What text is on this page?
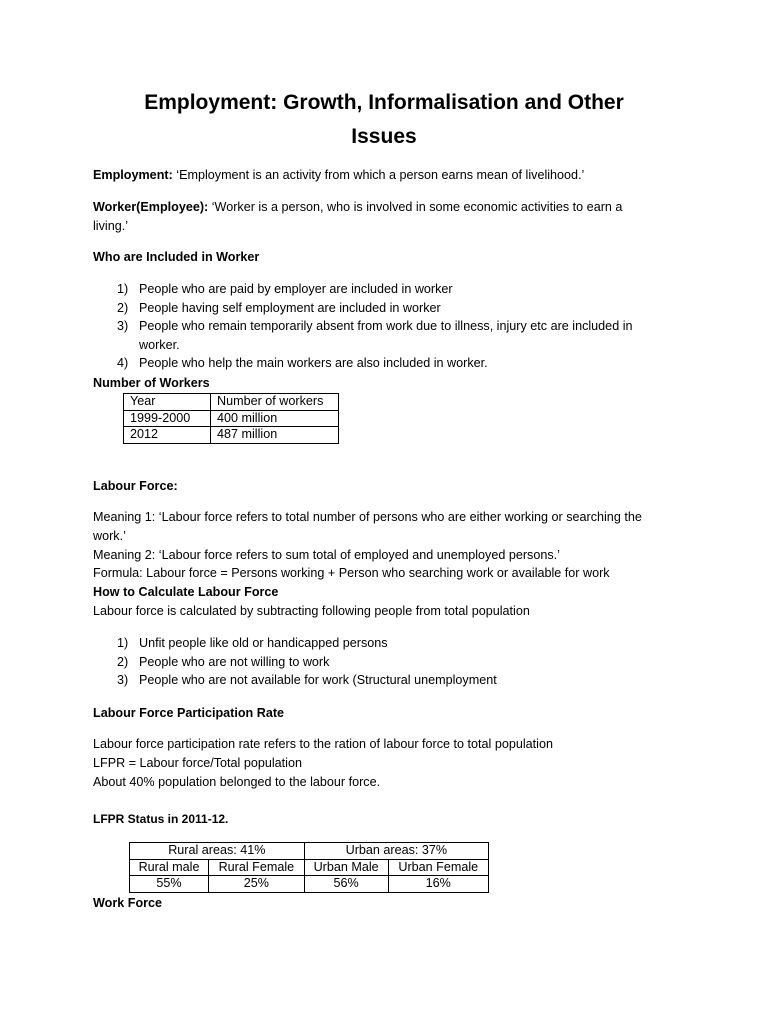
Employment: Growth, Informalisation and Other
Issues
Employment: ‘Employment is an activity from which a person earns mean of livelihood.’
Worker(Employee): ‘Worker is a person, who is involved in some economic activities to earn a
living.’
Who are Included in Worker
1) People who are paid by employer are included in worker
2) People having self employment are included in worker
3) People who remain temporarily absent from work due to illness, injury etc are included in
worker.
4) People who help the main workers are also included in worker.
Number of Workers
Year	Number of workers
1999-2000	400 million
2012	487 million
Labour Force:
Meaning 1: ‘Labour force refers to total number of persons who are either working or searching the
work.’
Meaning 2: ‘Labour force refers to sum total of employed and unemployed persons.’
Formula: Labour force = Persons working + Person who searching work or available for work
How to Calculate Labour Force
Labour force is calculated by subtracting following people from total population
1) Unfit people like old or handicapped persons
2) People who are not willing to work
3) People who are not available for work (Structural unemployment
Labour Force Participation Rate
Labour force participation rate refers to the ration of labour force to total population
LFPR = Labour force/Total population
About 40% population belonged to the labour force.
LFPR Status in 2011-12.
Rural areas: 41%		Urban areas: 37%	
Rural male	Rural Female	Urban Male	Urban Female
55%	25%	56%	16%
Work Force
